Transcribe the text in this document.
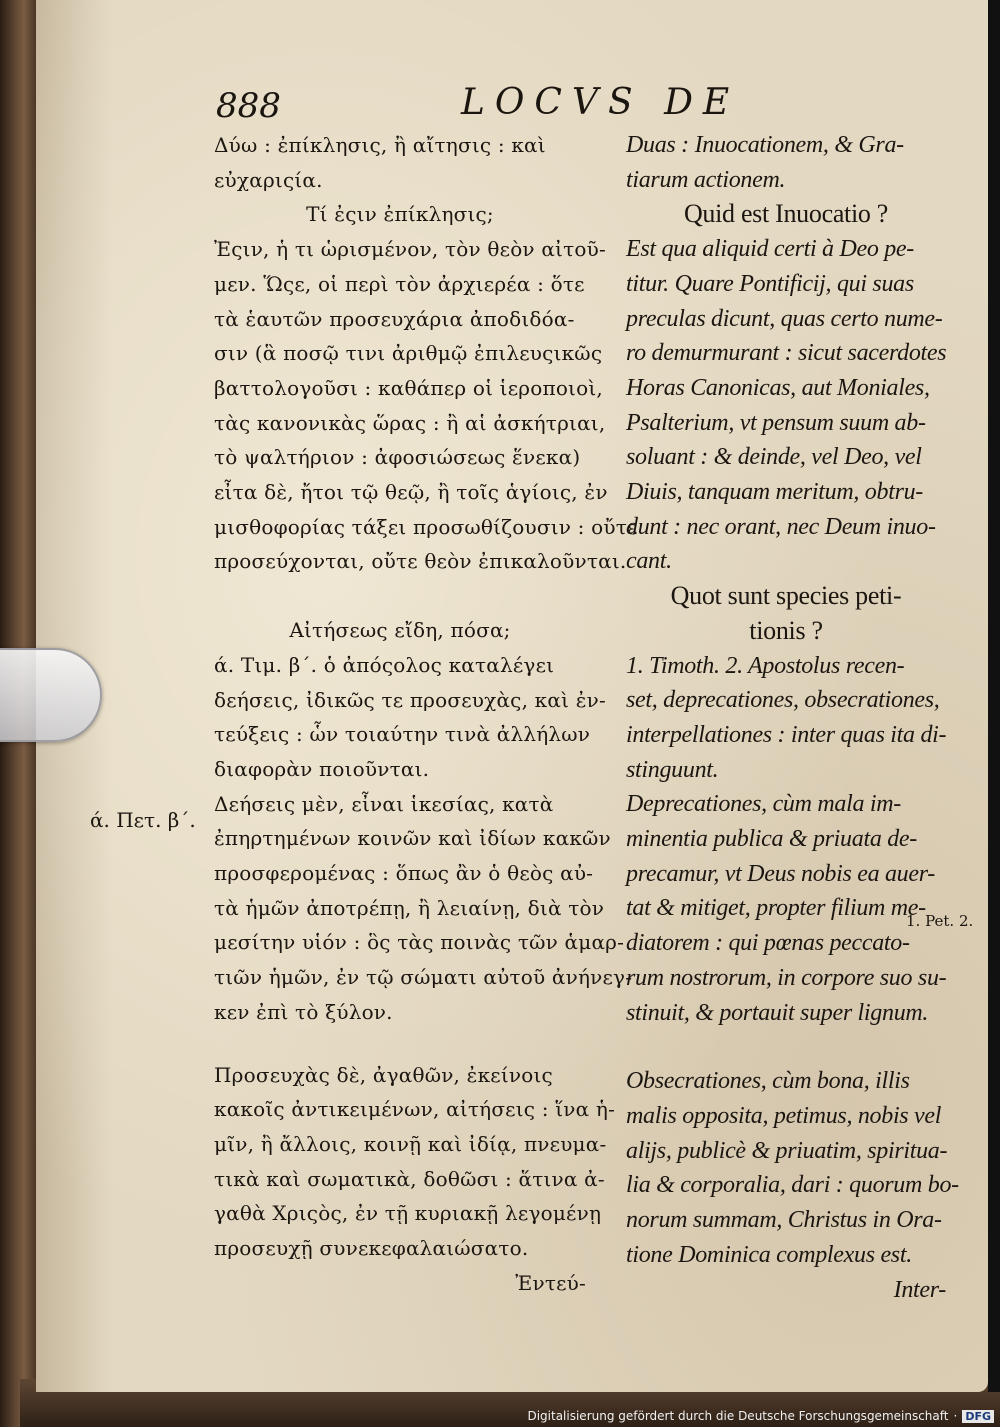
888	LOCVS DE
Δύω : ἐπίκλησις, ἢ αἴτησις : καὶ
εὐχαριςία.
Τί ἐςιν ἐπίκλησις;
Ἐςιν, ἡ τι ὡρισμένον, τὸν θεὸν αἰτοῦ-
μεν. Ὥςε, οἱ περὶ τὸν ἀρχιερέα : ὅτε
τὰ ἑαυτῶν προσευχάρια ἀποδιδόα-
σιν (ἃ ποσῷ τινι ἀριθμῷ ἐπιλευςικῶς
βαττολογοῦσι : καθάπερ οἱ ἱεροποιοὶ,
τὰς κανονικὰς ὥρας : ἢ αἱ ἀσκήτριαι,
τὸ ψαλτήριον : ἀφοσιώσεως ἕνεκα)
εἶτα δὲ, ἤτοι τῷ θεῷ, ἢ τοῖς ἁγίοις, ἐν
μισθοφορίας τάξει προσωθίζουσιν : οὔτε
προσεύχονται, οὔτε θεὸν ἐπικαλοῦνται.
Αἰτήσεως εἴδη, πόσα;
ά. Τιμ. β΄. ὁ ἀπόςολος καταλέγει
δεήσεις, ἰδικῶς τε προσευχὰς, καὶ ἐν-
τεύξεις : ὧν τοιαύτην τινὰ ἀλλήλων
διαφορὰν ποιοῦνται.
Δεήσεις μὲν, εἶναι ἱκεσίας, κατὰ
ἐπηρτημένων κοινῶν καὶ ἰδίων κακῶν
προσφερομένας : ὅπως ἂν ὁ θεὸς αὐ-
τὰ ἡμῶν ἀποτρέπῃ, ἢ λειαίνῃ, διὰ τὸν
μεσίτην υἱόν : ὃς τὰς ποινὰς τῶν ἁμαρ-
τιῶν ἡμῶν, ἐν τῷ σώματι αὐτοῦ ἀνήνεγ-
κεν ἐπὶ τὸ ξύλον.
Προσευχὰς δὲ, ἀγαθῶν, ἐκείνοις
κακοῖς ἀντικειμένων, αἰτήσεις : ἵνα ἡ-
μῖν, ἢ ἄλλοις, κοινῇ καὶ ἰδίᾳ, πνευμα-
τικὰ καὶ σωματικὰ, δοθῶσι : ἅτινα ἀ-
γαθὰ Χριςὸς, ἐν τῇ κυριακῇ λεγομένῃ
προσευχῇ συνεκεφαλαιώσατο.
Ἐντεύ-
Duas : Inuocationem, & Gra-
tiarum actionem.
Quid est Inuocatio ?
Est qua aliquid certi à Deo pe-
titur. Quare Pontificij, qui suas
preculas dicunt, quas certo nume-
ro demurmurant : sicut sacerdotes
Horas Canonicas, aut Moniales,
Psalterium, vt pensum suum ab-
soluant : & deinde, vel Deo, vel
Diuis, tanquam meritum, obtru-
dunt : nec orant, nec Deum inuo-
cant.
Quot sunt species peti-
tionis ?
1. Timoth. 2. Apostolus recen-
set, deprecationes, obsecrationes,
interpellationes : inter quas ita di-
stinguunt.
Deprecationes, cùm mala im-
minentia publica & priuata de-
precamur, vt Deus nobis ea auer-
tat & mitiget, propter filium me-
diatorem : qui pœnas peccato-
rum nostrorum, in corpore suo su-
stinuit, & portauit super lignum.
Obsecrationes, cùm bona, illis
malis opposita, petimus, nobis vel
alijs, publicè & priuatim, spiritua-
lia & corporalia, dari : quorum bo-
norum summam, Christus in Ora-
tione Dominica complexus est.
Inter-
ά. Πετ. β΄.
1. Pet. 2.
Digitalisierung gefördert durch die Deutsche Forschungsgemeinschaft · DFG
